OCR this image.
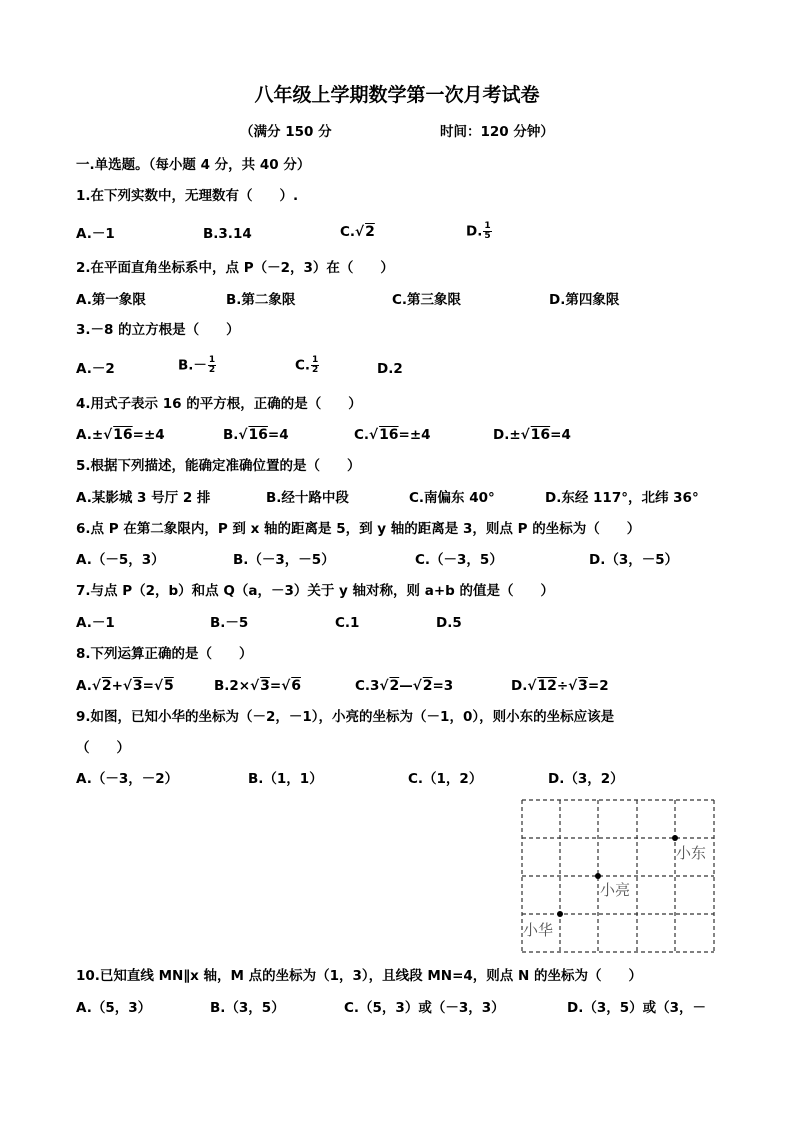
八年级上学期数学第一次月考试卷
（满分 150 分	时间：120 分钟）
一.单选题。（每小题 4 分，共 40 分）
1.在下列实数中，无理数有（　　）.
A.－1	B.3.14	C.√2	D. $\frac{1}{5}$
2.在平面直角坐标系中，点 P（－2，3）在（　　）
A.第一象限	B.第二象限	C.第三象限	D.第四象限
3.－8 的立方根是（　　）
A.－2	$B.- \frac{1}{2}$	C. $\frac{1}{2}$	D.2
4.用式子表示 16 的平方根，正确的是（　　）
A.±√16=±4	B.√16=4	C.√16=±4	D.±√16=4
5.根据下列描述，能确定准确位置的是（　　）
A.某影城 3 号厅 2 排	B.经十路中段	C.南偏东 40°	D.东经 117°，北纬 36°
6.点 P 在第二象限内，P 到 x 轴的距离是 5，到 y 轴的距离是 3，则点 P 的坐标为（　　）
A.（－5，3）	B.（－3，－5）	C.（－3，5）	D.（3，－5）
7.与点 P（2，b）和点 Q（a，－3）关于 y 轴对称，则 a+b 的值是（　　）
A.－1	B.－5	C.1	D.5
8.下列运算正确的是（　　）
A.√2+√3=√5	B.2×√3=√6	C.3√2—√2=3	D.√12÷√3=2
9.如图，已知小华的坐标为（－2，－1），小亮的坐标为（－1，0），则小东的坐标应该是
（　　）
A.（－3，－2）	B.（1，1）	C.（1，2）	D.（3，2）
小东
小亮
小华
10.已知直线 MN∥x 轴，M 点的坐标为（1，3），且线段 MN=4，则点 N 的坐标为（　　）
A.（5，3）	B.（3，5）	C.（5，3）或（－3，3）	D.（3，5）或（3，－
